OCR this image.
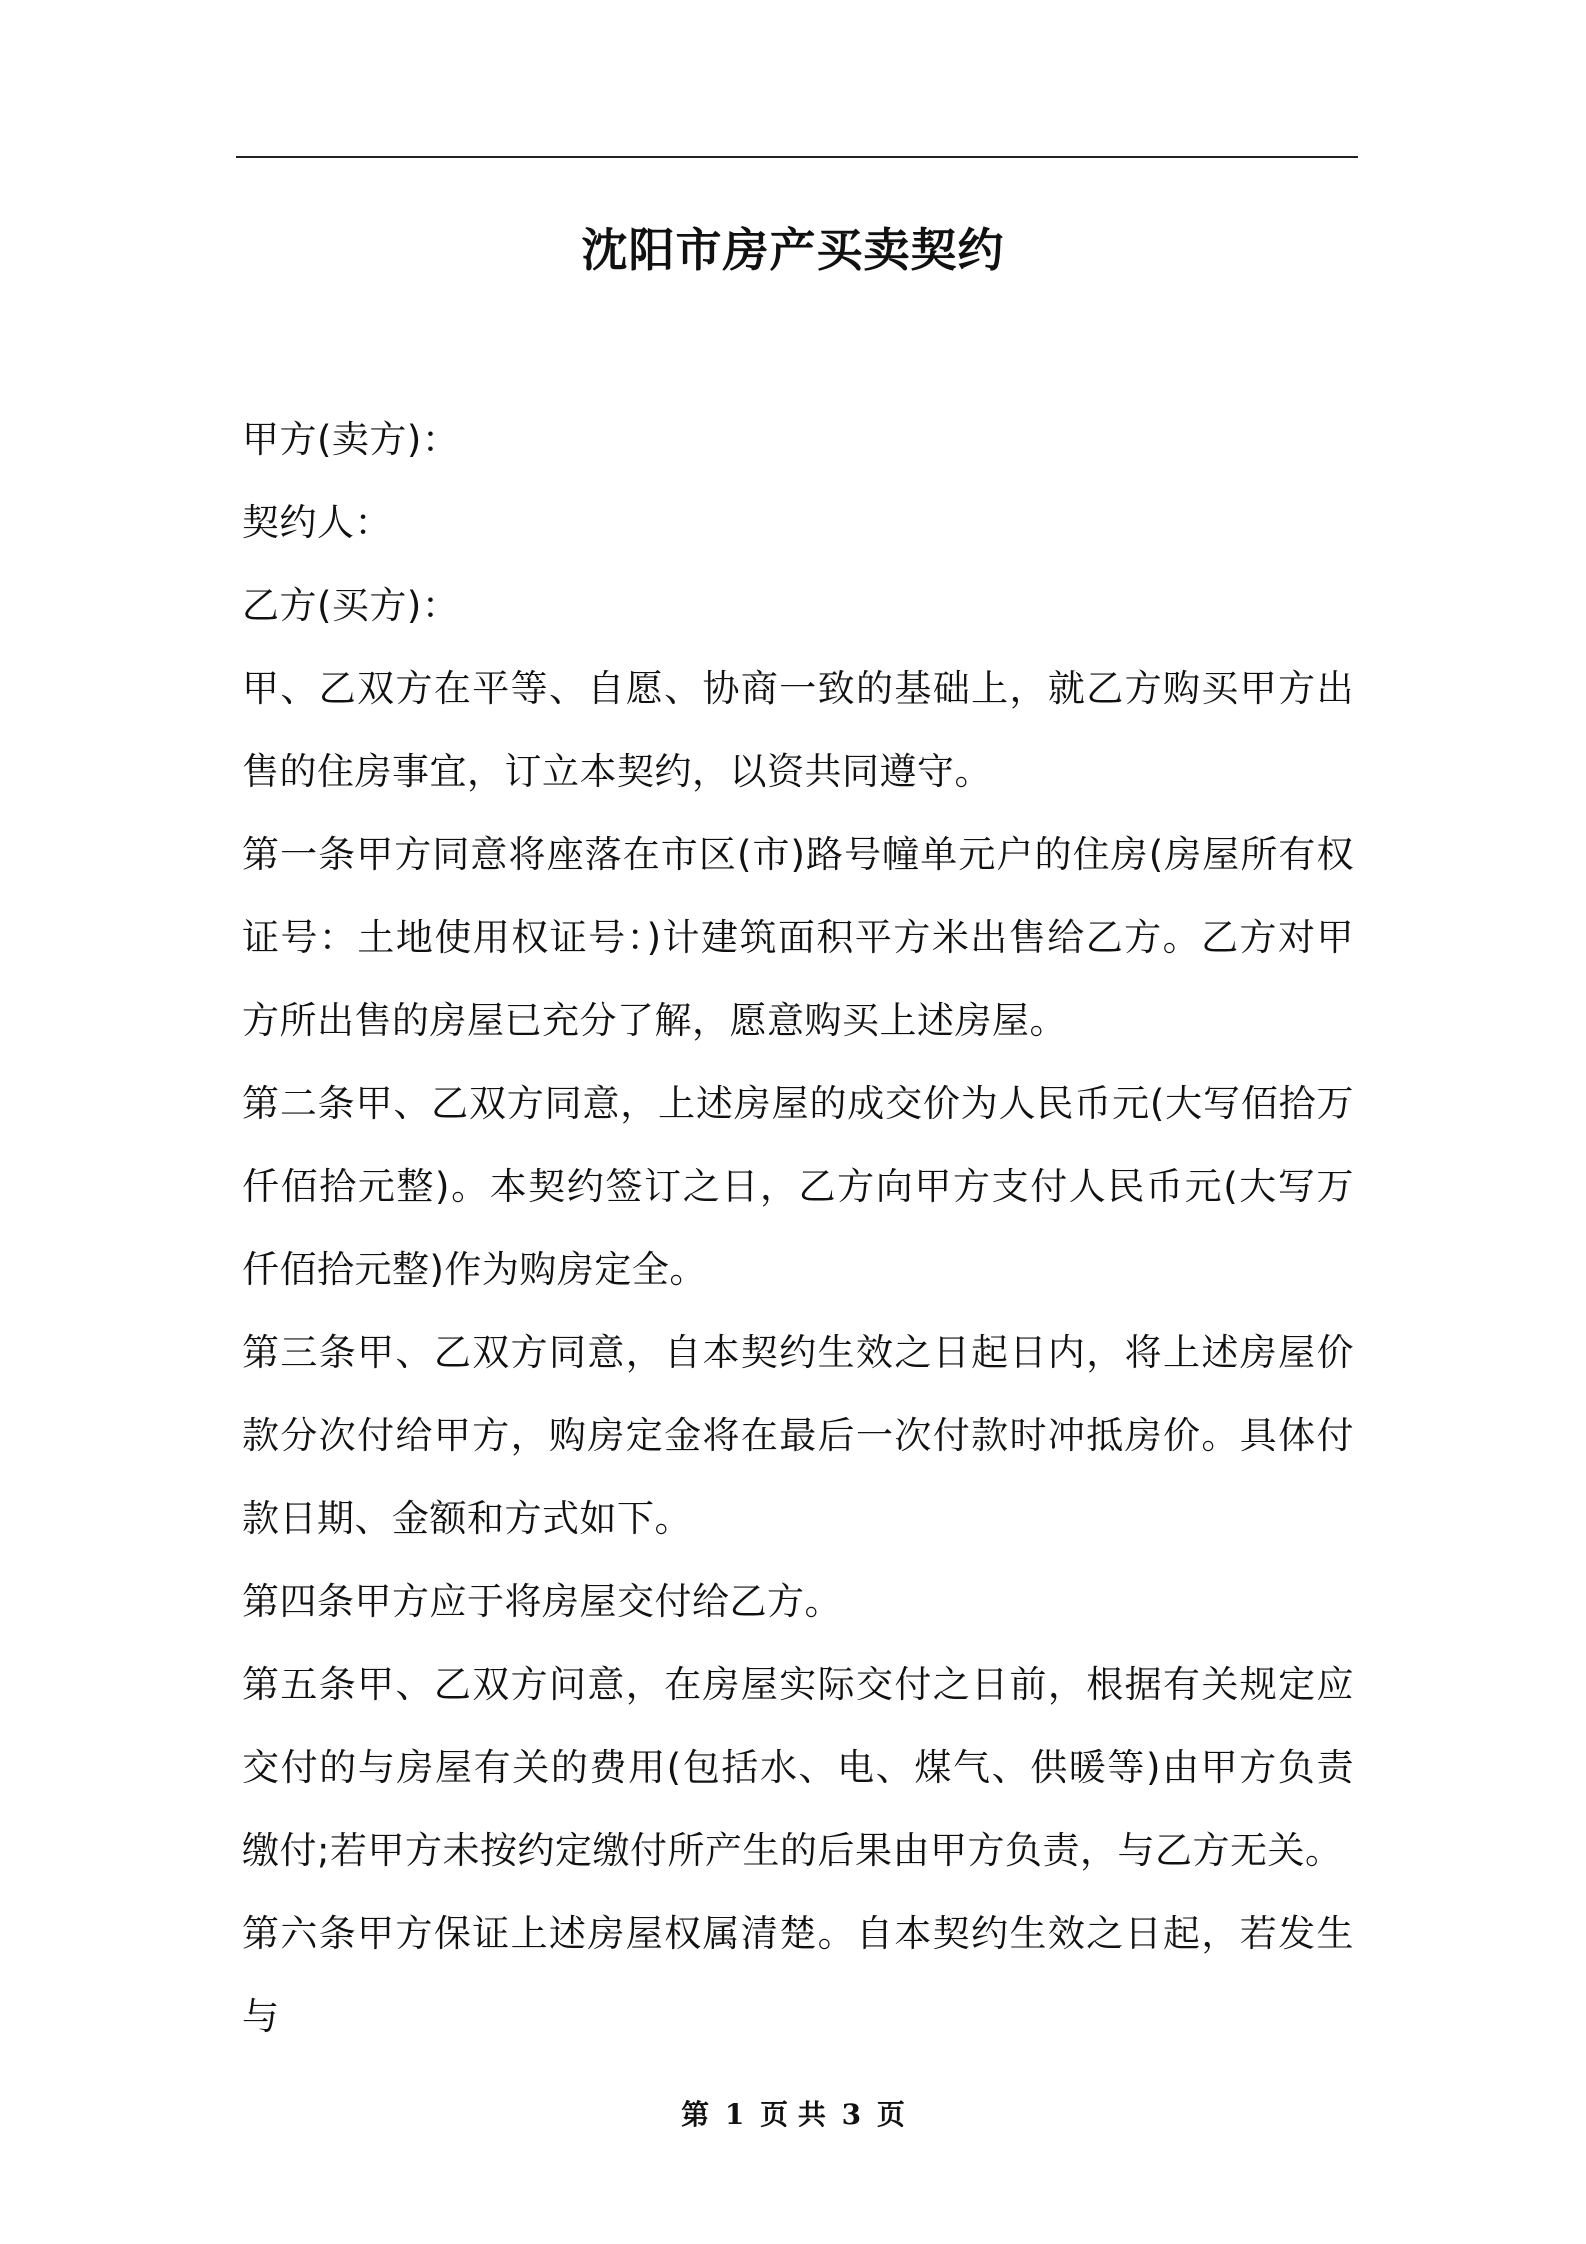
沈阳市房产买卖契约

甲方(卖方)：

契约人：

乙方(买方)：

甲、乙双方在平等、自愿、协商一致的基础上，就乙方购买甲方出售的住房事宜，订立本契约，以资共同遵守。

第一条甲方同意将座落在市区(市)路号幢单元户的住房(房屋所有权证号：土地使用权证号：)计建筑面积平方米出售给乙方。乙方对甲方所出售的房屋已充分了解，愿意购买上述房屋。

第二条甲、乙双方同意，上述房屋的成交价为人民币元(大写佰拾万仟佰拾元整)。本契约签订之日，乙方向甲方支付人民币元(大写万仟佰拾元整)作为购房定全。

第三条甲、乙双方同意，自本契约生效之日起日内，将上述房屋价款分次付给甲方，购房定金将在最后一次付款时冲抵房价。具体付款日期、金额和方式如下。

第四条甲方应于将房屋交付给乙方。

第五条甲、乙双方问意，在房屋实际交付之日前，根据有关规定应交付的与房屋有关的费用(包括水、电、煤气、供暖等)由甲方负责缴付;若甲方未按约定缴付所产生的后果由甲方负责，与乙方无关。

第六条甲方保证上述房屋权属清楚。自本契约生效之日起，若发生与

第 1 页 共 3 页
